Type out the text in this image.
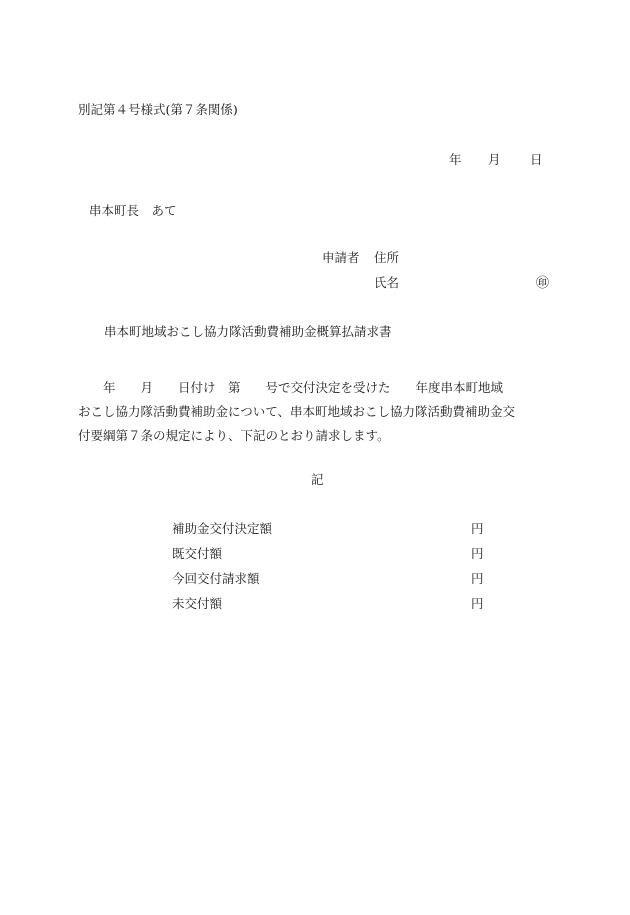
別記第４号様式(第７条関係)
年 月 日
串本町長　あて
申請者 住所
氏名	㊞
串本町地域おこし協力隊活動費補助金概算払請求書
　　年　　月　　日付け　第　　号で交付決定を受けた　　年度串本町地域
おこし協力隊活動費補助金について、串本町地域おこし協力隊活動費補助金交
付要綱第７条の規定により、下記のとおり請求します。
記
補助金交付決定額	円
既交付額	円
今回交付請求額	円
未交付額	円
